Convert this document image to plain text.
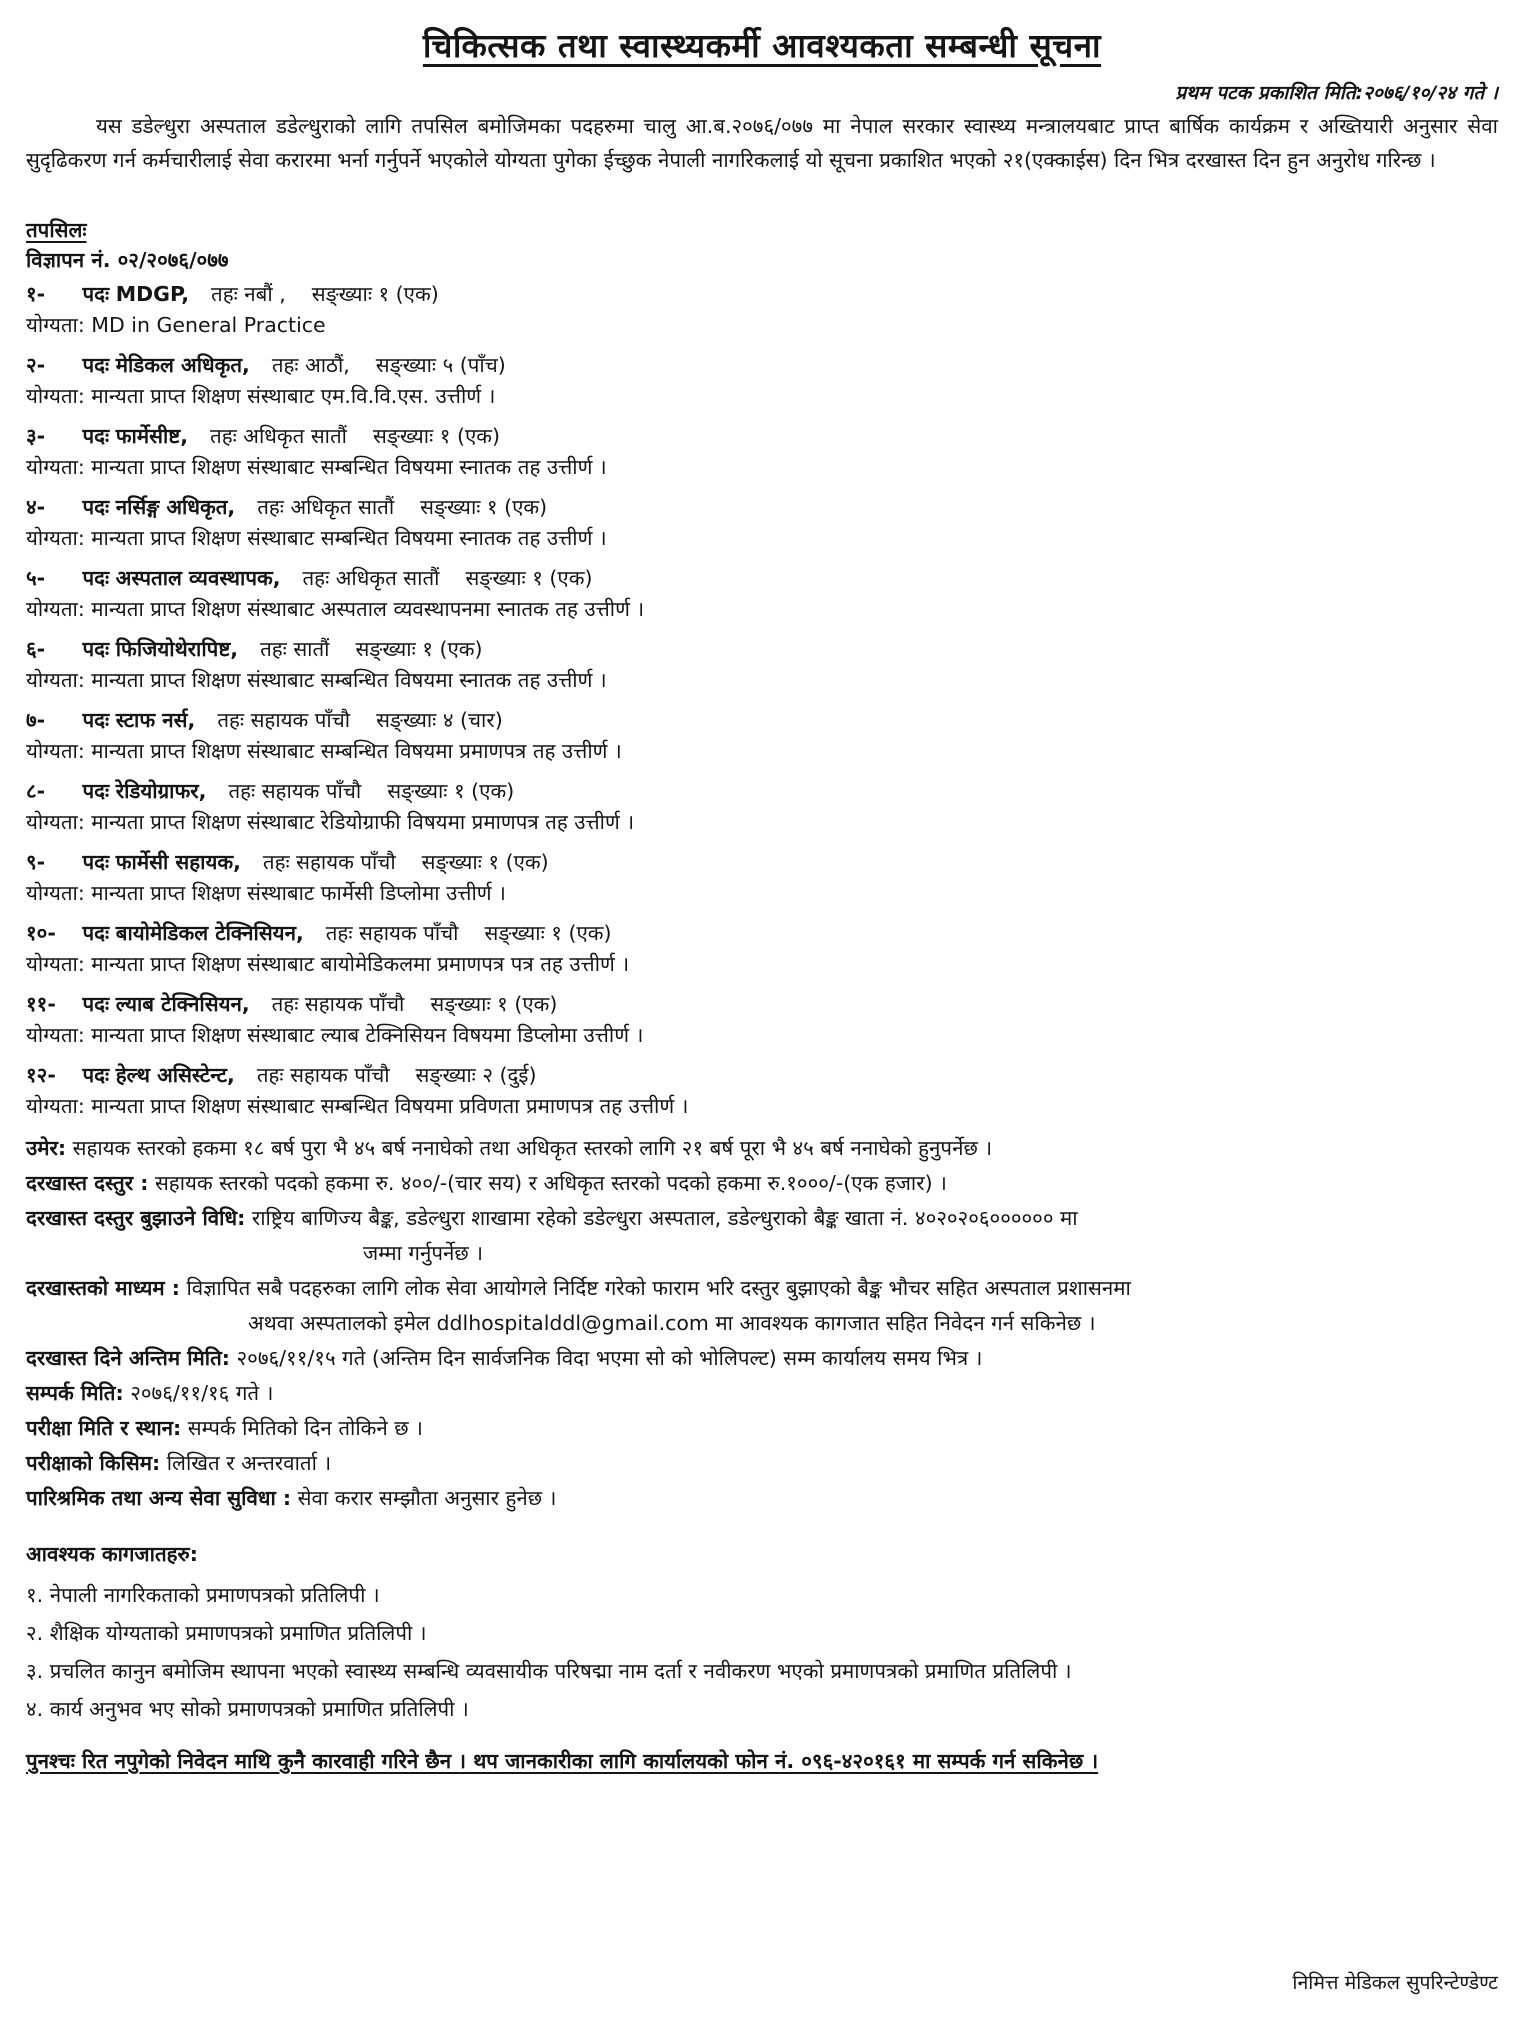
चिकित्सक तथा स्वास्थ्यकर्मी आवश्यकता सम्बन्धी सूचना

प्रथम पटक प्रकाशित मिति:२०७६/१०/२४ गते ।

यस डडेल्धुरा अस्पताल डडेल्धुराको लागि तपसिल बमोजिमका पदहरुमा चालु आ.ब.२०७६/०७७ मा नेपाल सरकार स्वास्थ्य मन्त्रालयबाट प्राप्त बार्षिक कार्यक्रम र अख्तियारी अनुसार सेवा सुदृढिकरण गर्न कर्मचारीलाई सेवा करारमा भर्ना गर्नुपर्ने भएकोले योग्यता पुगेका ईच्छुक नेपाली नागरिकलाई यो सूचना प्रकाशित भएको २१(एक्काईस) दिन भित्र दरखास्त दिन हुन अनुरोध गरिन्छ ।

तपसिलः

विज्ञापन नं. ०२/२०७६/०७७

१- पदः MDGP, तहः नबौं , सङ्ख्याः १ (एक)
योग्यता: MD in General Practice
२- पदः मेडिकल अधिकृत, तहः आठौं, सङ्ख्याः ५ (पाँच)
योग्यता: मान्यता प्राप्त शिक्षण संस्थाबाट एम.वि.वि.एस. उत्तीर्ण ।
३- पदः फार्मेसीष्ट, तहः अधिकृत सातौं सङ्ख्याः १ (एक)
योग्यता: मान्यता प्राप्त शिक्षण संस्थाबाट सम्बन्धित विषयमा स्नातक तह उत्तीर्ण ।
४- पदः नर्सिङ्ग अधिकृत, तहः अधिकृत सातौं सङ्ख्याः १ (एक)
योग्यता: मान्यता प्राप्त शिक्षण संस्थाबाट सम्बन्धित विषयमा स्नातक तह उत्तीर्ण ।
५- पदः अस्पताल व्यवस्थापक, तहः अधिकृत सातौं सङ्ख्याः १ (एक)
योग्यता: मान्यता प्राप्त शिक्षण संस्थाबाट अस्पताल व्यवस्थापनमा स्नातक तह उत्तीर्ण ।
६- पदः फिजियोथेरापिष्ट, तहः सातौं सङ्ख्याः १ (एक)
योग्यता: मान्यता प्राप्त शिक्षण संस्थाबाट सम्बन्धित विषयमा स्नातक तह उत्तीर्ण ।
७- पदः स्टाफ नर्स, तहः सहायक पाँचौ सङ्ख्याः ४ (चार)
योग्यता: मान्यता प्राप्त शिक्षण संस्थाबाट सम्बन्धित विषयमा प्रमाणपत्र तह उत्तीर्ण ।
८- पदः रेडियोग्राफर, तहः सहायक पाँचौ सङ्ख्याः १ (एक)
योग्यता: मान्यता प्राप्त शिक्षण संस्थाबाट रेडियोग्राफी विषयमा प्रमाणपत्र तह उत्तीर्ण ।
९- पदः फार्मेसी सहायक, तहः सहायक पाँचौ सङ्ख्याः १ (एक)
योग्यता: मान्यता प्राप्त शिक्षण संस्थाबाट फार्मेसी डिप्लोमा उत्तीर्ण ।
१०- पदः बायोमेडिकल टेक्निसियन, तहः सहायक पाँचौ सङ्ख्याः १ (एक)
योग्यता: मान्यता प्राप्त शिक्षण संस्थाबाट बायोमेडिकलमा प्रमाणपत्र पत्र तह उत्तीर्ण ।
११- पदः ल्याब टेक्निसियन, तहः सहायक पाँचौ सङ्ख्याः १ (एक)
योग्यता: मान्यता प्राप्त शिक्षण संस्थाबाट ल्याब टेक्निसियन विषयमा डिप्लोमा उत्तीर्ण ।
१२- पदः हेल्थ असिस्टेन्ट, तहः सहायक पाँचौ सङ्ख्याः २ (दुई)
योग्यता: मान्यता प्राप्त शिक्षण संस्थाबाट सम्बन्धित विषयमा प्रविणता प्रमाणपत्र तह उत्तीर्ण ।

उमेर: सहायक स्तरको हकमा १८ बर्ष पुरा भै ४५ बर्ष ननाघेको तथा अधिकृत स्तरको लागि २१ बर्ष पूरा भै ४५ बर्ष ननाघेको हुनुपर्नेछ ।

दरखास्त दस्तुर : सहायक स्तरको पदको हकमा रु. ४००/-(चार सय) र अधिकृत स्तरको पदको हकमा रु.१०००/-(एक हजार) ।

दरखास्त दस्तुर बुझाउने विधि: राष्ट्रिय बाणिज्य बैङ्क, डडेल्धुरा शाखामा रहेको डडेल्धुरा अस्पताल, डडेल्धुराको बैङ्क खाता नं. ४०२०२०६०००००० मा

जम्मा गर्नुपर्नेछ ।

दरखास्तको माध्यम : विज्ञापित सबै पदहरुका लागि लोक सेवा आयोगले निर्दिष्ट गरेको फाराम भरि दस्तुर बुझाएको बैङ्क भौचर सहित अस्पताल प्रशासनमा

अथवा अस्पतालको इमेल ddlhospitalddl@gmail.com मा आवश्यक कागजात सहित निवेदन गर्न सकिनेछ ।

दरखास्त दिने अन्तिम मिति: २०७६/११/१५ गते (अन्तिम दिन सार्वजनिक विदा भएमा सो को भोलिपल्ट) सम्म कार्यालय समय भित्र ।

सम्पर्क मिति: २०७६/११/१६ गते ।

परीक्षा मिति र स्थान: सम्पर्क मितिको दिन तोकिने छ ।

परीक्षाको किसिम: लिखित र अन्तरवार्ता ।

पारिश्रमिक तथा अन्य सेवा सुविधा : सेवा करार सम्झौता अनुसार हुनेछ ।

आवश्यक कागजातहरु:

१. नेपाली नागरिकताको प्रमाणपत्रको प्रतिलिपी ।
२. शैक्षिक योग्यताको प्रमाणपत्रको प्रमाणित प्रतिलिपी ।
३. प्रचलित कानुन बमोजिम स्थापना भएको स्वास्थ्य सम्बन्धि व्यवसायीक परिषद्मा नाम दर्ता र नवीकरण भएको प्रमाणपत्रको प्रमाणित प्रतिलिपी ।
४. कार्य अनुभव भए सोको प्रमाणपत्रको प्रमाणित प्रतिलिपी ।
पुनश्चः रित नपुगेको निवेदन माथि कुनै कारवाही गरिने छैन । थप जानकारीका लागि कार्यालयको फोन नं. ०९६-४२०१६१ मा सम्पर्क गर्न सकिनेछ ।
निमित्त मेडिकल सुपरिन्टेण्डेण्ट
